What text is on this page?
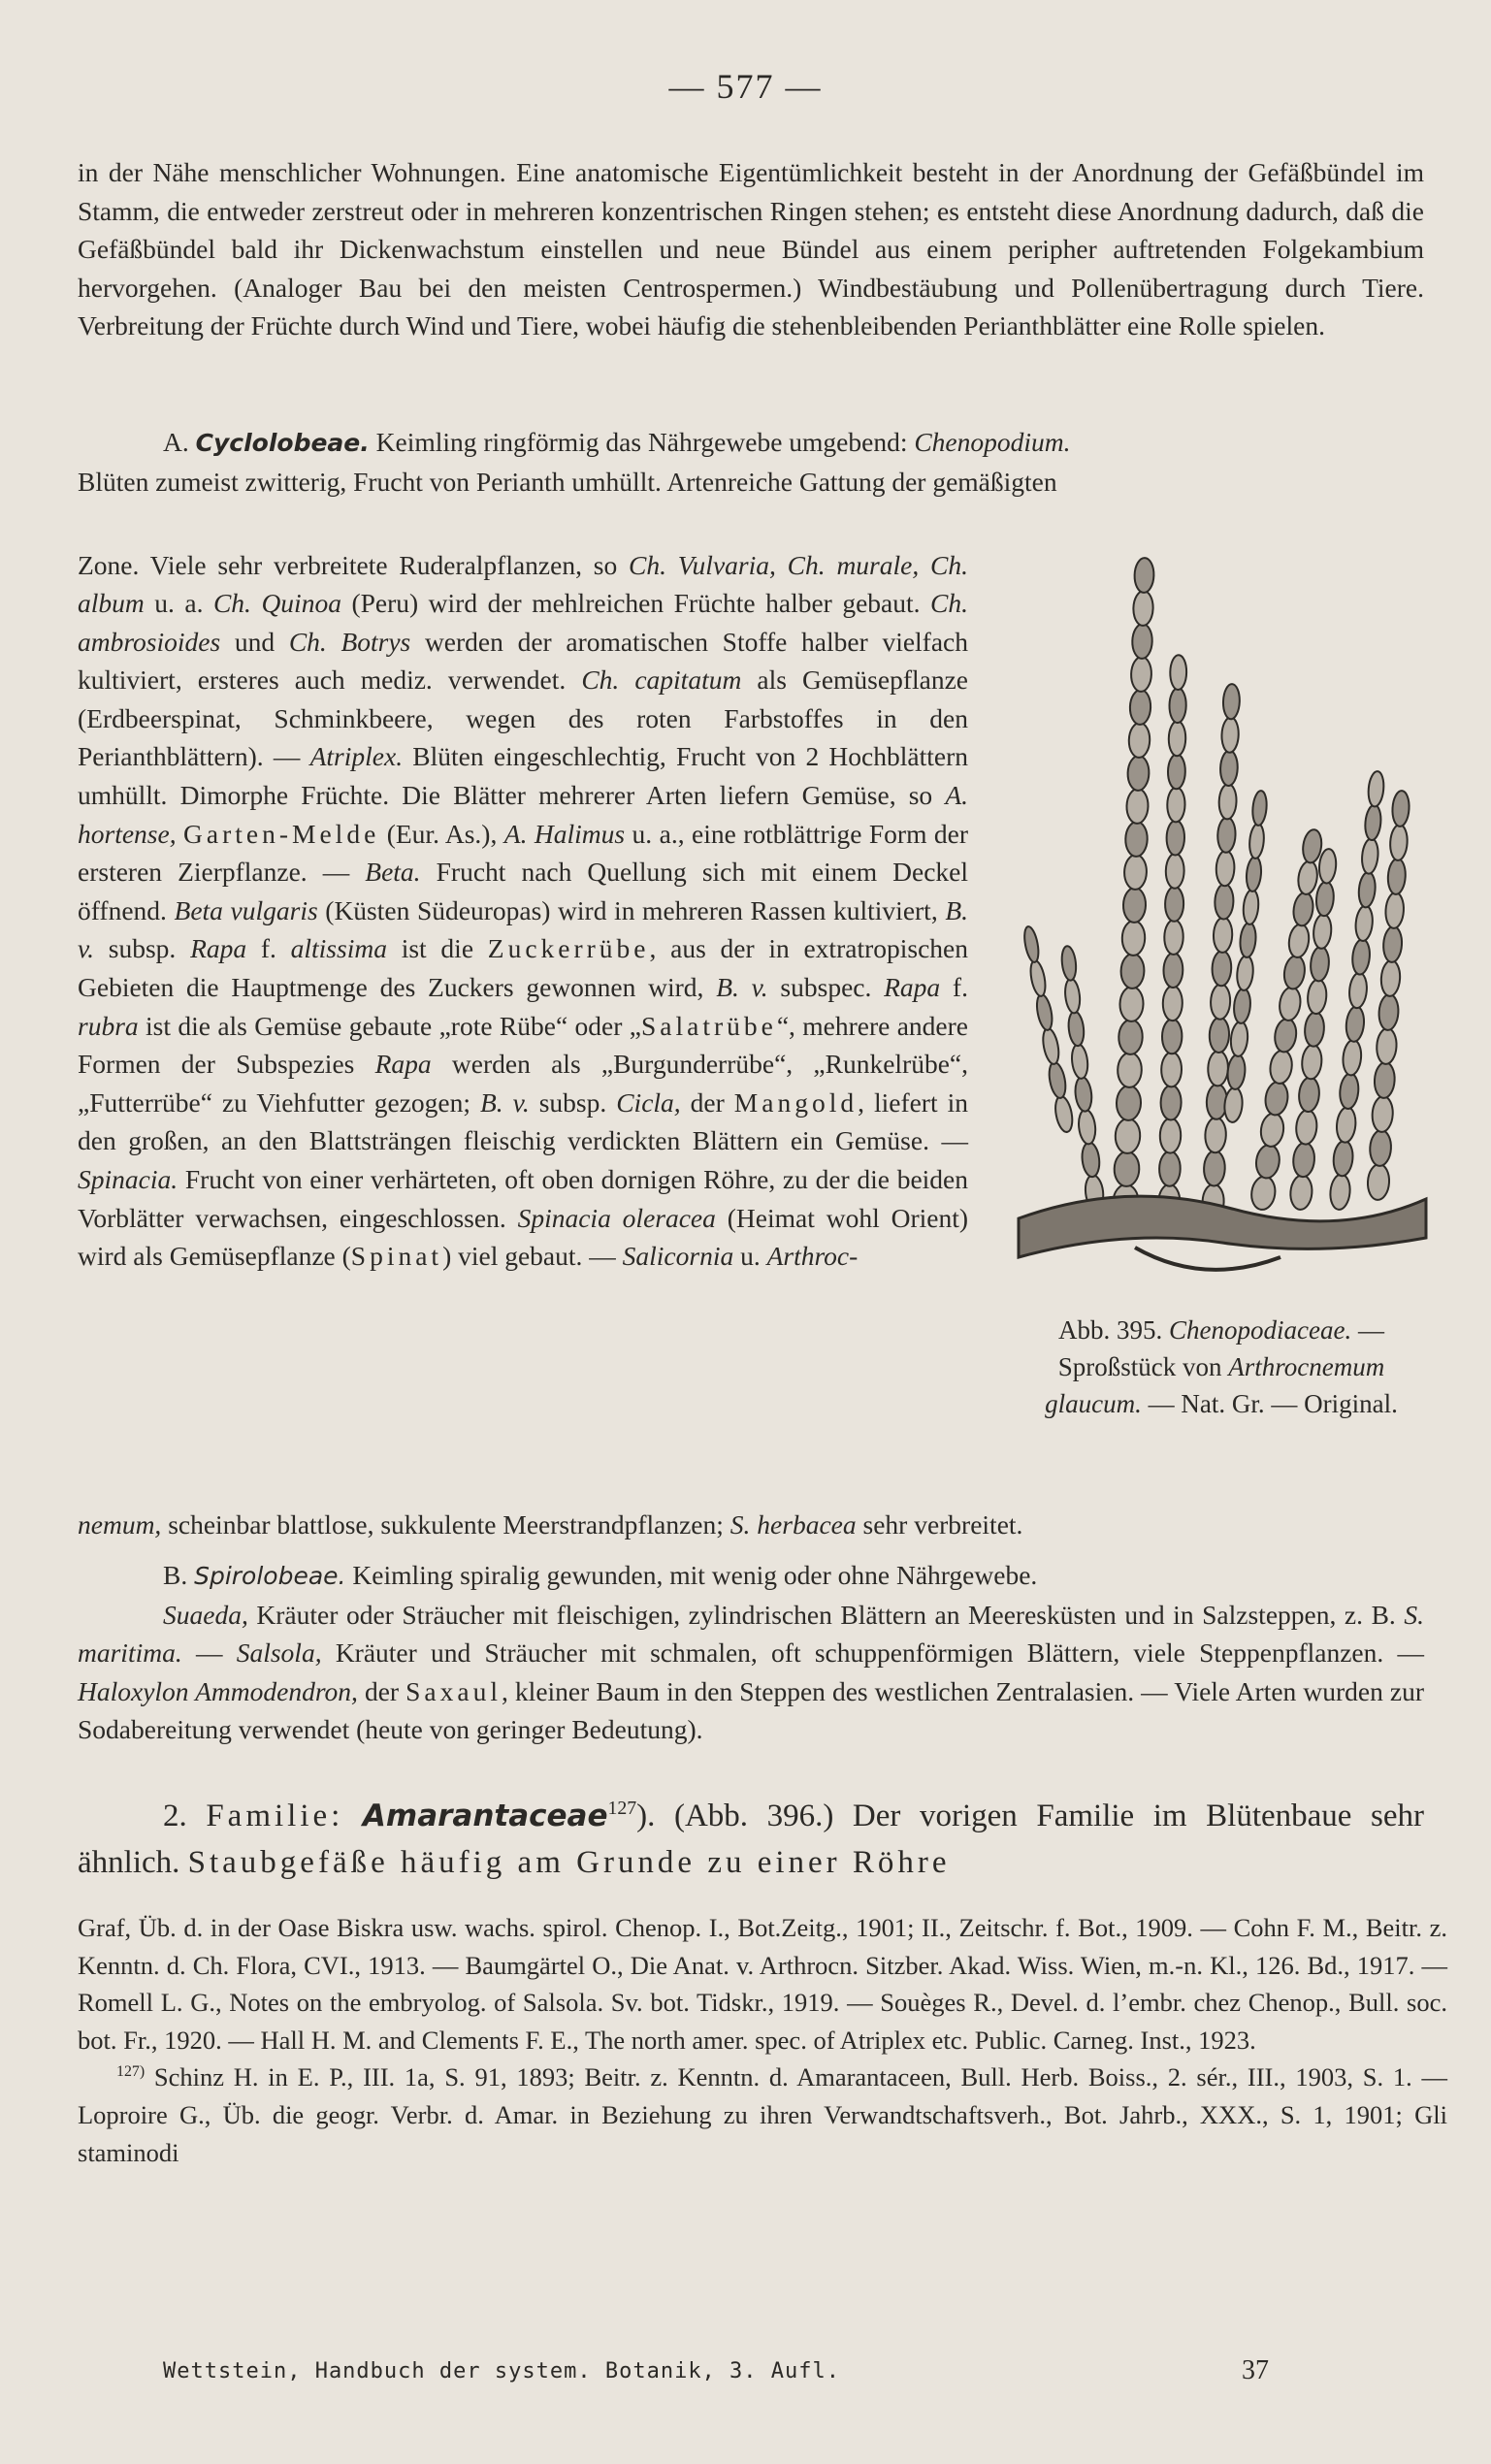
— 577 —

in der Nähe menschlicher Wohnungen. Eine anatomische Eigentümlichkeit besteht in der Anordnung der Gefäßbündel im Stamm, die entweder zerstreut oder in mehreren konzentrischen Ringen stehen; es entsteht diese Anordnung dadurch, daß die Gefäßbündel bald ihr Dickenwachstum einstellen und neue Bündel aus einem peripher auftretenden Folgekambium hervorgehen. (Analoger Bau bei den meisten Centrospermen.) Windbestäubung und Pollenübertragung durch Tiere. Verbreitung der Früchte durch Wind und Tiere, wobei häufig die stehenbleibenden Perianthblätter eine Rolle spielen.

A. Cyclolobeae. Keimling ringförmig das Nährgewebe umgebend: Chenopodium.

Blüten zumeist zwitterig, Frucht von Perianth umhüllt. Artenreiche Gattung der gemäßigten

Zone. Viele sehr verbreitete Ruderalpflanzen, so Ch. Vulvaria, Ch. murale, Ch. album u. a. Ch. Quinoa (Peru) wird der mehlreichen Früchte halber gebaut. Ch. ambrosioides und Ch. Botrys werden der aromatischen Stoffe halber vielfach kultiviert, ersteres auch mediz. verwendet. Ch. capitatum als Gemüsepflanze (Erdbeerspinat, Schminkbeere, wegen des roten Farbstoffes in den Perianthblättern). — Atriplex. Blüten eingeschlechtig, Frucht von 2 Hochblättern umhüllt. Dimorphe Früchte. Die Blätter mehrerer Arten liefern Gemüse, so A. hortense, Garten-Melde (Eur. As.), A. Halimus u. a., eine rotblättrige Form der ersteren Zierpflanze. — Beta. Frucht nach Quellung sich mit einem Deckel öffnend. Beta vulgaris (Küsten Südeuropas) wird in mehreren Rassen kultiviert, B. v. subsp. Rapa f. altissima ist die Zuckerrübe, aus der in extratropischen Gebieten die Hauptmenge des Zuckers gewonnen wird, B. v. subspec. Rapa f. rubra ist die als Gemüse gebaute „rote Rübe“ oder „Salatrübe“, mehrere andere Formen der Subspezies Rapa werden als „Burgunderrübe“, „Runkelrübe“, „Futterrübe“ zu Viehfutter gezogen; B. v. subsp. Cicla, der Mangold, liefert in den großen, an den Blattsträngen fleischig verdickten Blättern ein Gemüse. — Spinacia. Frucht von einer verhärteten, oft oben dornigen Röhre, zu der die beiden Vorblätter verwachsen, eingeschlossen. Spinacia oleracea (Heimat wohl Orient) wird als Gemüsepflanze (Spinat) viel gebaut. — Salicornia u. Arthroc-

Abb. 395. Chenopodiaceae. — Sproßstück von Arthrocnemum glaucum. — Nat. Gr. — Original.

nemum, scheinbar blattlose, sukkulente Meerstrandpflanzen; S. herbacea sehr verbreitet.

B. Spirolobeae. Keimling spiralig gewunden, mit wenig oder ohne Nährgewebe.

Suaeda, Kräuter oder Sträucher mit fleischigen, zylindrischen Blättern an Meeresküsten und in Salzsteppen, z. B. S. maritima. — Salsola, Kräuter und Sträucher mit schmalen, oft schuppenförmigen Blättern, viele Steppenpflanzen. — Haloxylon Ammodendron, der Saxaul, kleiner Baum in den Steppen des westlichen Zentralasien. — Viele Arten wurden zur Sodabereitung verwendet (heute von geringer Bedeutung).

2. Familie: Amarantaceae$^{127}$). (Abb. 396.) Der vorigen Familie im Blütenbaue sehr ähnlich. Staubgefäße häufig am Grunde zu einer Röhre

Graf, Üb. d. in der Oase Biskra usw. wachs. spirol. Chenop. I., Bot.Zeitg., 1901; II., Zeitschr. f. Bot., 1909. — Cohn F. M., Beitr. z. Kenntn. d. Ch. Flora, CVI., 1913. — Baumgärtel O., Die Anat. v. Arthrocn. Sitzber. Akad. Wiss. Wien, m.-n. Kl., 126. Bd., 1917. — Romell L. G., Notes on the embryolog. of Salsola. Sv. bot. Tidskr., 1919. — Souèges R., Devel. d. l’embr. chez Chenop., Bull. soc. bot. Fr., 1920. — Hall H. M. and Clements F. E., The north amer. spec. of Atriplex etc. Public. Carneg. Inst., 1923.

$^{127)}$ Schinz H. in E. P., III. 1a, S. 91, 1893; Beitr. z. Kenntn. d. Amarantaceen, Bull. Herb. Boiss., 2. sér., III., 1903, S. 1. — Loproire G., Üb. die geogr. Verbr. d. Amar. in Beziehung zu ihren Verwandtschaftsverh., Bot. Jahrb., XXX., S. 1, 1901; Gli staminodi

Wettstein, Handbuch der system. Botanik, 3. Aufl.	37
